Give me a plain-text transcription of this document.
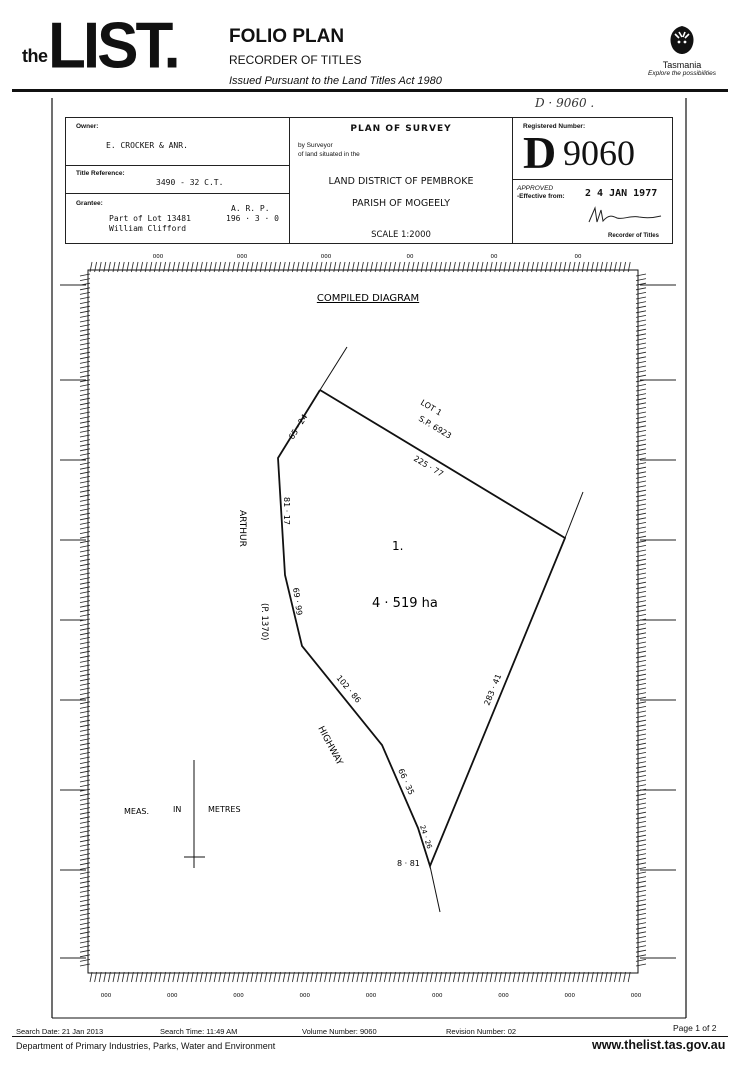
the LIST.	FOLIO PLAN
RECORDER OF TITLES
Issued Pursuant to the Land Titles Act 1980
Tasmania
Explore the possibilities
D · 9060 .
Owner:
E. CROCKER & ANR.
Title Reference:
3490 - 32 C.T.
Grantee:
Part of Lot 13481
William Clifford
A. R. P.
196 · 3 · 0
PLAN OF SURVEY
by Surveyor
of land situated in the
LAND DISTRICT OF PEMBROKE
PARISH OF MOGEELY
SCALE 1:2000
Registered Number:
D 9060
APPROVED
-Effective from: 2 4 JAN 1977
Recorder of Titles
COMPILED DIAGRAM
ARTHUR
HIGHWAY
(P. 1370)
LOT 1
S.P. 6923
1.
4 · 519 ha
225 · 77
283 · 41
65 · 24
81 · 17
69 · 99
102 · 86
66 · 35
24 · 26
8 · 81
MEAS.	IN	METRES
000	000	000	00	00	00
000	000	000	000	000	000	000	000	000
Search Date: 21 Jan 2013	Search Time: 11:49 AM	Volume Number: 9060	Revision Number: 02	Page 1 of 2
Department of Primary Industries, Parks, Water and Environment	www.thelist.tas.gov.au
